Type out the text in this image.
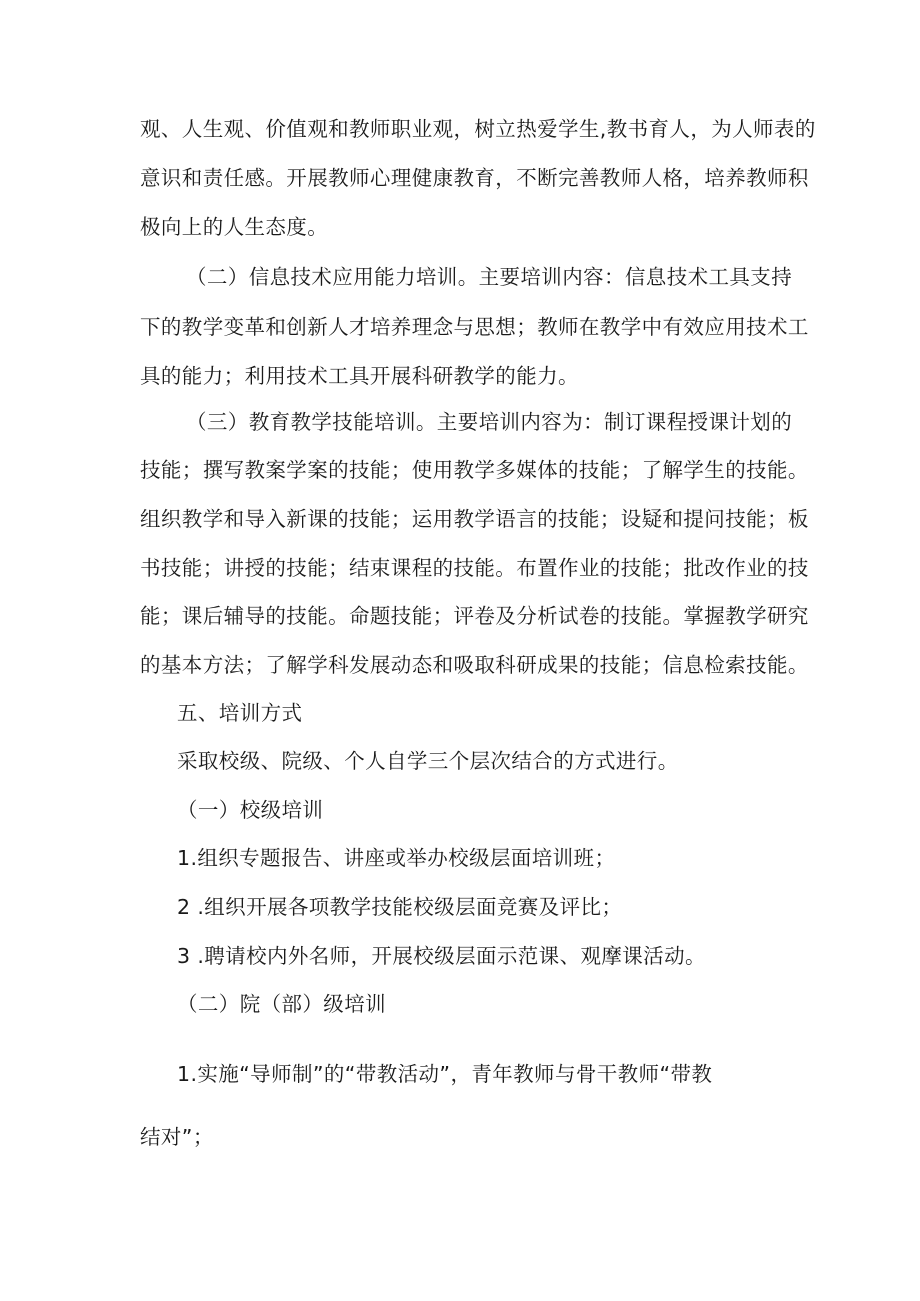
观、人生观、价值观和教师职业观，树立热爱学生,教书育人，为人师表的
意识和责任感。开展教师心理健康教育，不断完善教师人格，培养教师积
极向上的人生态度。
（二）信息技术应用能力培训。主要培训内容：信息技术工具支持
下的教学变革和创新人才培养理念与思想；教师在教学中有效应用技术工
具的能力；利用技术工具开展科研教学的能力。
（三）教育教学技能培训。主要培训内容为：制订课程授课计划的
技能；撰写教案学案的技能；使用教学多媒体的技能；了解学生的技能。
组织教学和导入新课的技能；运用教学语言的技能；设疑和提问技能；板
书技能；讲授的技能；结束课程的技能。布置作业的技能；批改作业的技
能；课后辅导的技能。命题技能；评卷及分析试卷的技能。掌握教学研究
的基本方法；了解学科发展动态和吸取科研成果的技能；信息检索技能。
五、培训方式
采取校级、院级、个人自学三个层次结合的方式进行。
（一）校级培训
1.组织专题报告、讲座或举办校级层面培训班；
2 .组织开展各项教学技能校级层面竞赛及评比；
3 .聘请校内外名师，开展校级层面示范课、观摩课活动。
（二）院（部）级培训
1.实施“导师制”的“带教活动”，青年教师与骨干教师“带教
结对”；
